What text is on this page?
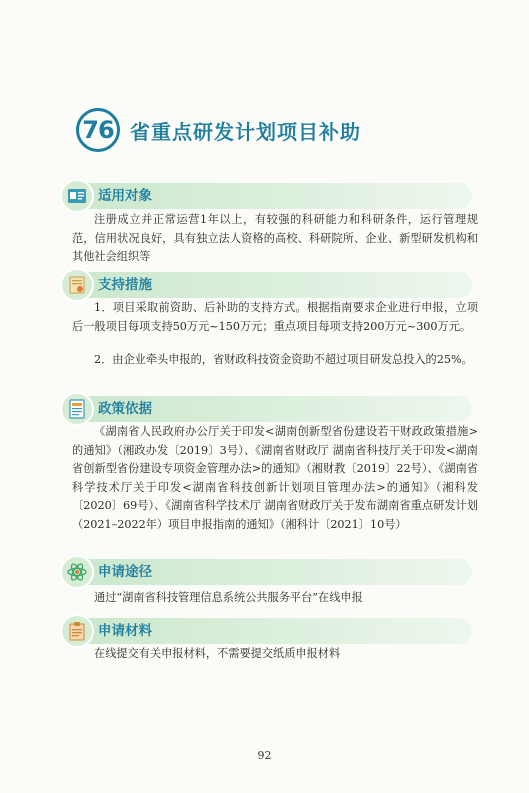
76 省重点研发计划项目补助
适用对象

注册成立并正常运营1年以上，有较强的科研能力和科研条件，运行管理规范，信用状况良好，具有独立法人资格的高校、科研院所、企业、新型研发机构和其他社会组织等

支持措施

1．项目采取前资助、后补助的支持方式。根据指南要求企业进行申报，立项后一般项目每项支持50万元~150万元；重点项目每项支持200万元~300万元。

2．由企业牵头申报的，省财政科技资金资助不超过项目研发总投入的25%。

政策依据

《湖南省人民政府办公厅关于印发<湖南创新型省份建设若干财政政策措施>的通知》（湘政办发〔2019〕3号）、《湖南省财政厅 湖南省科技厅关于印发<湖南省创新型省份建设专项资金管理办法>的通知》（湘财教〔2019〕22号）、《湖南省科学技术厅关于印发<湖南省科技创新计划项目管理办法>的通知》（湘科发〔2020〕69号）、《湖南省科学技术厅 湖南省财政厅关于发布湖南省重点研发计划（2021–2022年）项目申报指南的通知》（湘科计〔2021〕10号）

申请途径

通过“湖南省科技管理信息系统公共服务平台”在线申报

申请材料

在线提交有关申报材料，不需要提交纸质申报材料

92
